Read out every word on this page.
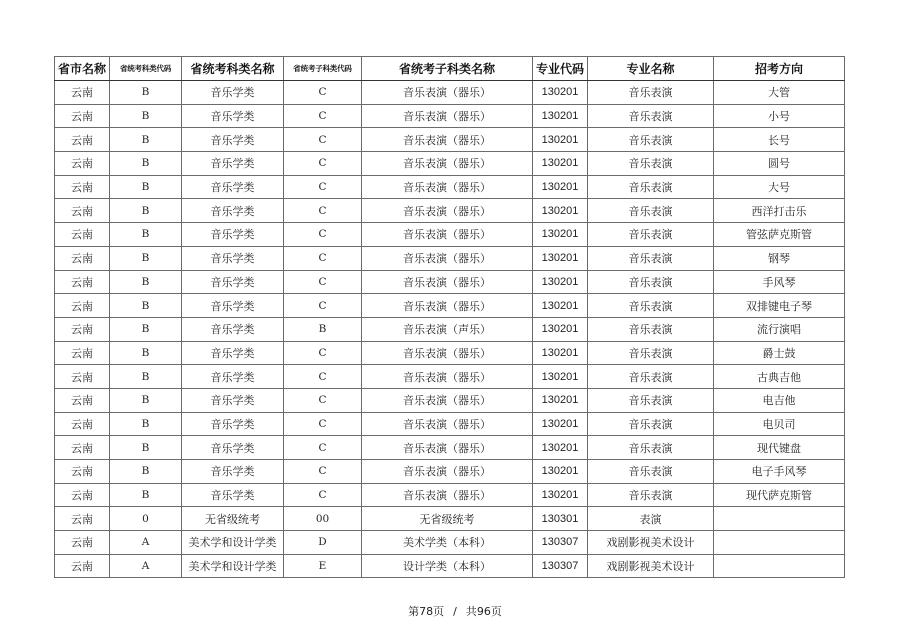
省市名称	省统考科类代码	省统考科类名称	省统考子科类代码	省统考子科类名称	专业代码	专业名称	招考方向
云南	B	音乐学类	C	音乐表演（器乐）	130201	音乐表演	大管
云南	B	音乐学类	C	音乐表演（器乐）	130201	音乐表演	小号
云南	B	音乐学类	C	音乐表演（器乐）	130201	音乐表演	长号
云南	B	音乐学类	C	音乐表演（器乐）	130201	音乐表演	圆号
云南	B	音乐学类	C	音乐表演（器乐）	130201	音乐表演	大号
云南	B	音乐学类	C	音乐表演（器乐）	130201	音乐表演	西洋打击乐
云南	B	音乐学类	C	音乐表演（器乐）	130201	音乐表演	管弦萨克斯管
云南	B	音乐学类	C	音乐表演（器乐）	130201	音乐表演	钢琴
云南	B	音乐学类	C	音乐表演（器乐）	130201	音乐表演	手风琴
云南	B	音乐学类	C	音乐表演（器乐）	130201	音乐表演	双排键电子琴
云南	B	音乐学类	B	音乐表演（声乐）	130201	音乐表演	流行演唱
云南	B	音乐学类	C	音乐表演（器乐）	130201	音乐表演	爵士鼓
云南	B	音乐学类	C	音乐表演（器乐）	130201	音乐表演	古典吉他
云南	B	音乐学类	C	音乐表演（器乐）	130201	音乐表演	电吉他
云南	B	音乐学类	C	音乐表演（器乐）	130201	音乐表演	电贝司
云南	B	音乐学类	C	音乐表演（器乐）	130201	音乐表演	现代键盘
云南	B	音乐学类	C	音乐表演（器乐）	130201	音乐表演	电子手风琴
云南	B	音乐学类	C	音乐表演（器乐）	130201	音乐表演	现代萨克斯管
云南	0	无省级统考	00	无省级统考	130301	表演	
云南	A	美术学和设计学类	D	美术学类（本科）	130307	戏剧影视美术设计	
云南	A	美术学和设计学类	E	设计学类（本科）	130307	戏剧影视美术设计	
第78页 / 共96页
